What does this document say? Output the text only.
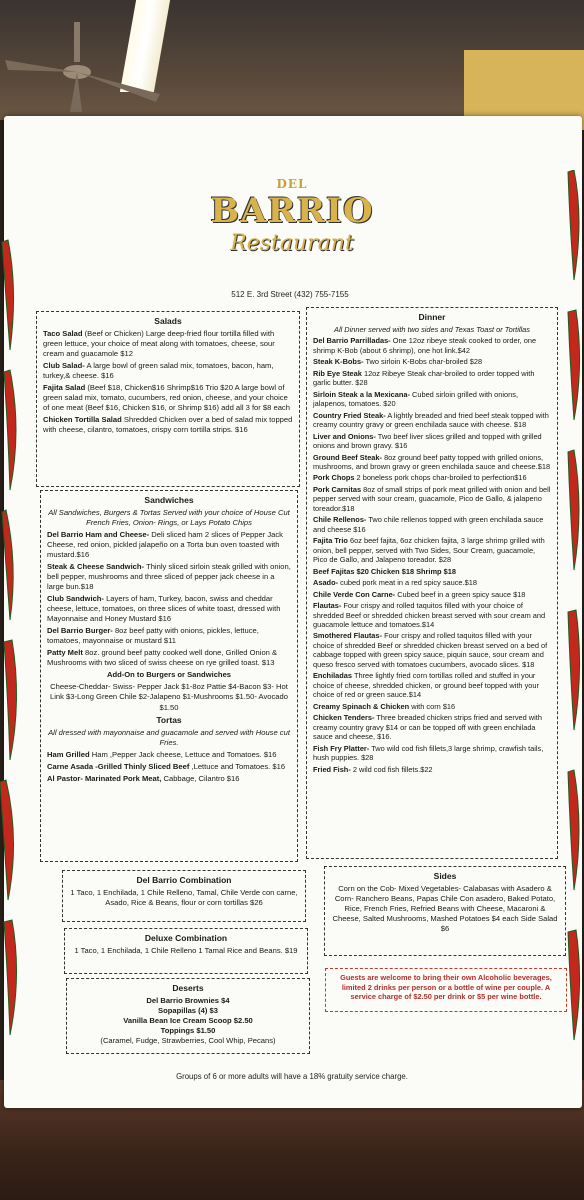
DEL
BARRIO
Restaurant
512 E. 3rd Street (432) 755-7155
Salads

Taco Salad (Beef or Chicken) Large deep-fried flour tortilla filled with green lettuce, your choice of meat along with tomatoes, cheese, sour cream and guacamole $12

Club Salad- A large bowl of green salad mix, tomatoes, bacon, ham, turkey,& cheese. $16

Fajita Salad (Beef $18, Chicken$16 Shrimp$16 Trio $20 A large bowl of green salad mix, tomato, cucumbers, red onion, cheese, and your choice of one meat (Beef $16, Chicken $16, or Shrimp $16) add all 3 for $8 each

Chicken Tortilla Salad Shredded Chicken over a bed of salad mix topped with cheese, cilantro, tomatoes, crispy corn tortilla strips. $16

Sandwiches

All Sandwiches, Burgers & Tortas Served with your choice of House Cut French Fries, Onion- Rings, or Lays Potato Chips

Del Barrio Ham and Cheese- Deli sliced ham 2 slices of Pepper Jack Cheese, red onion, pickled jalapeño on a Torta bun oven toasted with mustard.$16

Steak & Cheese Sandwich- Thinly sliced sirloin steak grilled with onion, bell pepper, mushrooms and three sliced of pepper jack cheese in a large bun.$18

Club Sandwich- Layers of ham, Turkey, bacon, swiss and cheddar cheese, lettuce, tomatoes, on three slices of white toast, dressed with Mayonnaise and Honey Mustard $16

Del Barrio Burger- 8oz beef patty with onions, pickles, lettuce, tomatoes, mayonnaise or mustard $11

Patty Melt 8oz. ground beef patty cooked well done, Grilled Onion & Mushrooms with two sliced of swiss cheese on rye grilled toast. $13

Add-On to Burgers or Sandwiches

Cheese-Cheddar- Swiss- Pepper Jack $1-8oz Pattie $4-Bacon $3- Hot Link $3-Long Green Chile $2-Jalapeno $1-Mushrooms $1.50- Avocado $1.50

Tortas

All dressed with mayonnaise and guacamole and served with House cut Fries.

Ham Grilled Ham ,Pepper Jack cheese, Lettuce and Tomatoes. $16

Carne Asada -Grilled Thinly Sliced Beef ,Lettuce and Tomatoes. $16

Al Pastor- Marinated Pork Meat, Cabbage, Cilantro $16

Del Barrio Combination

1 Taco, 1 Enchilada, 1 Chile Relleno, Tamal, Chile Verde con carne, Asado, Rice & Beans, flour or corn tortillas $26

Deluxe Combination

1 Taco, 1 Enchilada, 1 Chile Relleno 1 Tamal Rice and Beans. $19

Deserts

Del Barrio Brownies $4

Sopapillas (4) $3

Vanilla Bean Ice Cream Scoop $2.50

Toppings $1.50

(Caramel, Fudge, Strawberries, Cool Whip, Pecans)

Dinner

All Dinner served with two sides and Texas Toast or Tortillas

Del Barrio Parrilladas- One 12oz ribeye steak cooked to order, one shrimp K-Bob (about 6 shrimp), one hot link.$42

Steak K-Bobs- Two sirloin K-Bobs char-broiled $28

Rib Eye Steak 12oz Ribeye Steak char-broiled to order topped with garlic butter. $28

Sirloin Steak a la Mexicana- Cubed sirloin grilled with onions, jalapenos, tomatoes. $20

Country Fried Steak- A lightly breaded and fried beef steak topped with creamy country gravy or green enchilada sauce with cheese. $18

Liver and Onions- Two beef liver slices grilled and topped with grilled onions and brown gravy. $16

Ground Beef Steak- 8oz ground beef patty topped with grilled onions, mushrooms, and brown gravy or green enchilada sauce and cheese.$18

Pork Chops 2 boneless pork chops char-broiled to perfection$16

Pork Carnitas 8oz of small strips of pork meat grilled with onion and bell pepper served with sour cream, guacamole, Pico de Gallo, & jalapeno toreador.$18

Chile Rellenos- Two chile rellenos topped with green enchilada sauce and cheese $16

Fajita Trio 6oz beef fajita, 6oz chicken fajita, 3 large shrimp grilled with onion, bell pepper, served with Two Sides, Sour Cream, guacamole, Pico de Gallo, and Jalapeno toreador. $28

Beef Fajitas $20 Chicken $18 Shrimp $18

Asado- cubed pork meat in a red spicy sauce.$18

Chile Verde Con Carne- Cubed beef in a green spicy sauce $18

Flautas- Four crispy and rolled taquitos filled with your choice of shredded Beef or shredded chicken breast served with sour cream and guacamole lettuce and tomatoes.$14

Smothered Flautas- Four crispy and rolled taquitos filled with your choice of shredded Beef or shredded chicken breast served on a bed of cabbage topped with green spicy sauce, piquin sauce, sour cream and queso fresco served with tomatoes cucumbers, avocado slices. $18

Enchiladas Three lightly fried corn tortillas rolled and stuffed in your choice of cheese, shredded chicken, or ground beef topped with your choice of red or green sauce.$14

Creamy Spinach & Chicken with corn $16

Chicken Tenders- Three breaded chicken strips fried and served with creamy country gravy $14 or can be topped off with green enchilada sauce and cheese, $16.

Fish Fry Platter- Two wild cod fish fillets,3 large shrimp, crawfish tails, hush puppies. $28

Fried Fish- 2 wild cod fish fillets.$22

Sides

Corn on the Cob- Mixed Vegetables- Calabasas with Asadero & Corn- Ranchero Beans, Papas Chile Con asadero, Baked Potato, Rice, French Fries, Refried Beans with Cheese, Macaroni & Cheese, Salted Mushrooms, Mashed Potatoes $4 each Side Salad $6

Guests are welcome to bring their own Alcoholic beverages, limited 2 drinks per person or a bottle of wine per couple. A service charge of $2.50 per drink or $5 per wine bottle.
Groups of 6 or more adults will have a 18% gratuity service charge.
